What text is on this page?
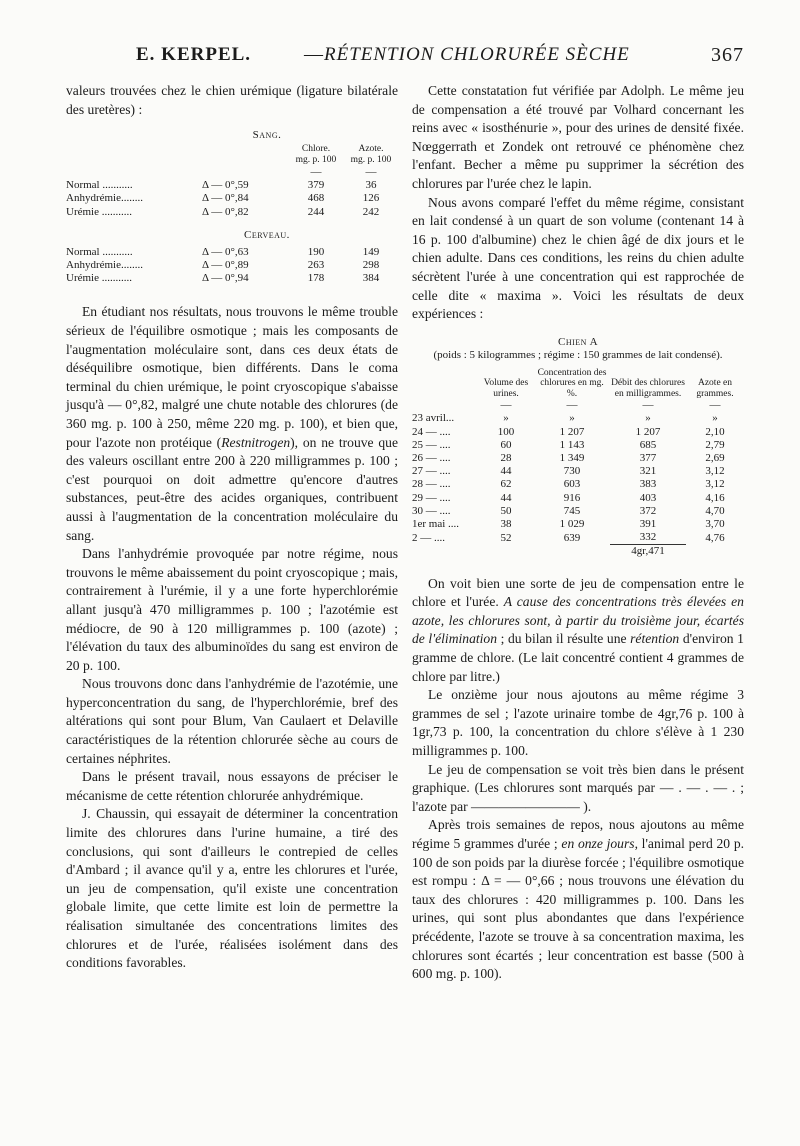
E. KERPEL.	— RÉTENTION CHLORURÉE SÈCHE	367

valeurs trouvées chez le chien urémique (ligature bilatérale des uretères) :

Sang.
		Chlore.	Azote.
		mg. p. 100	mg. p. 100
		—	—
Normal ...........	Δ — 0°,59	379	36
Anhydrémie........	Δ — 0°,84	468	126
Urémie ...........	Δ — 0°,82	244	242
Cerveau.
Normal ...........	Δ — 0°,63	190	149
Anhydrémie........	Δ — 0°,89	263	298
Urémie ...........	Δ — 0°,94	178	384

En étudiant nos résultats, nous trouvons le même trouble sérieux de l'équilibre osmotique ; mais les composants de l'augmentation moléculaire sont, dans ces deux états de déséquilibre osmotique, bien différents. Dans le coma terminal du chien urémique, le point cryoscopique s'abaisse jusqu'à — 0°,82, malgré une chute notable des chlorures (de 360 mg. p. 100 à 250, même 220 mg. p. 100), et bien que, pour l'azote non protéique (Restnitrogen), on ne trouve que des valeurs oscillant entre 200 à 220 milligrammes p. 100 ; c'est pourquoi on doit admettre qu'encore d'autres substances, peut-être des acides organiques, contribuent aussi à l'augmentation de la concentration moléculaire du sang.

Dans l'anhydrémie provoquée par notre régime, nous trouvons le même abaissement du point cryoscopique ; mais, contrairement à l'urémie, il y a une forte hyperchlorémie allant jusqu'à 470 milligrammes p. 100 ; l'azotémie est médiocre, de 90 à 120 milligrammes p. 100 (azote) ; l'élévation du taux des albuminoïdes du sang est environ de 20 p. 100.

Nous trouvons donc dans l'anhydrémie de l'azotémie, une hyperconcentration du sang, de l'hyperchlorémie, bref des altérations qui sont pour Blum, Van Caulaert et Delaville caractéristiques de la rétention chlorurée sèche au cours de certaines néphrites.

Dans le présent travail, nous essayons de préciser le mécanisme de cette rétention chlorurée anhydrémique.

J. Chaussin, qui essayait de déterminer la concentration limite des chlorures dans l'urine humaine, a tiré des conclusions, qui sont d'ailleurs le contrepied de celles d'Ambard ; il avance qu'il y a, entre les chlorures et l'urée, un jeu de compensation, qu'il existe une concentration globale limite, que cette limite est loin de permettre la réalisation simultanée des concentrations limites des chlorures et de l'urée, réalisées isolément dans des conditions favorables.

Cette constatation fut vérifiée par Adolph. Le même jeu de compensation a été trouvé par Volhard concernant les reins avec « isosthénurie », pour des urines de densité fixée. Nœggerrath et Zondek ont retrouvé ce phénomène chez l'enfant. Becher a même pu supprimer la sécrétion des chlorures par l'urée chez le lapin.

Nous avons comparé l'effet du même régime, consistant en lait condensé à un quart de son volume (contenant 14 à 16 p. 100 d'albumine) chez le chien âgé de dix jours et le chien adulte. Dans ces conditions, les reins du chien adulte sécrètent l'urée à une concentration qui est rapprochée de celle dite « maxima ». Voici les résultats de deux expériences :

Chien A
(poids : 5 kilogrammes ; régime : 150 grammes de lait condensé).
	Volume des urines.	Concentration des chlorures en mg. %.	Débit des chlorures en milligrammes.	Azote en grammes.
	—	—	—	—
23 avril...	»	»	»	»
24 — ....	100	1 207	1 207	2,10
25 — ....	60	1 143	685	2,79
26 — ....	28	1 349	377	2,69
27 — ....	44	730	321	3,12
28 — ....	62	603	383	3,12
29 — ....	44	916	403	4,16
30 — ....	50	745	372	4,70
1er mai ....	38	1 029	391	3,70
2 — ....	52	639	332	4,76
			4gr,471	

On voit bien une sorte de jeu de compensation entre le chlore et l'urée. A cause des concentrations très élevées en azote, les chlorures sont, à partir du troisième jour, écartés de l'élimination ; du bilan il résulte une rétention d'environ 1 gramme de chlore. (Le lait concentré contient 4 grammes de chlore par litre.)

Le onzième jour nous ajoutons au même régime 3 grammes de sel ; l'azote urinaire tombe de 4gr,76 p. 100 à 1gr,73 p. 100, la concentration du chlore s'élève à 1 230 milligrammes p. 100.

Le jeu de compensation se voit très bien dans le présent graphique. (Les chlorures sont marqués par — . — . — . ; l'azote par ———————— ).

Après trois semaines de repos, nous ajoutons au même régime 5 grammes d'urée ; en onze jours, l'animal perd 20 p. 100 de son poids par la diurèse forcée ; l'équilibre osmotique est rompu : Δ = — 0°,66 ; nous trouvons une élévation du taux des chlorures : 420 milligrammes p. 100. Dans les urines, qui sont plus abondantes que dans l'expérience précédente, l'azote se trouve à sa concentration maxima, les chlorures sont écartés ; leur concentration est basse (500 à 600 mg. p. 100).
